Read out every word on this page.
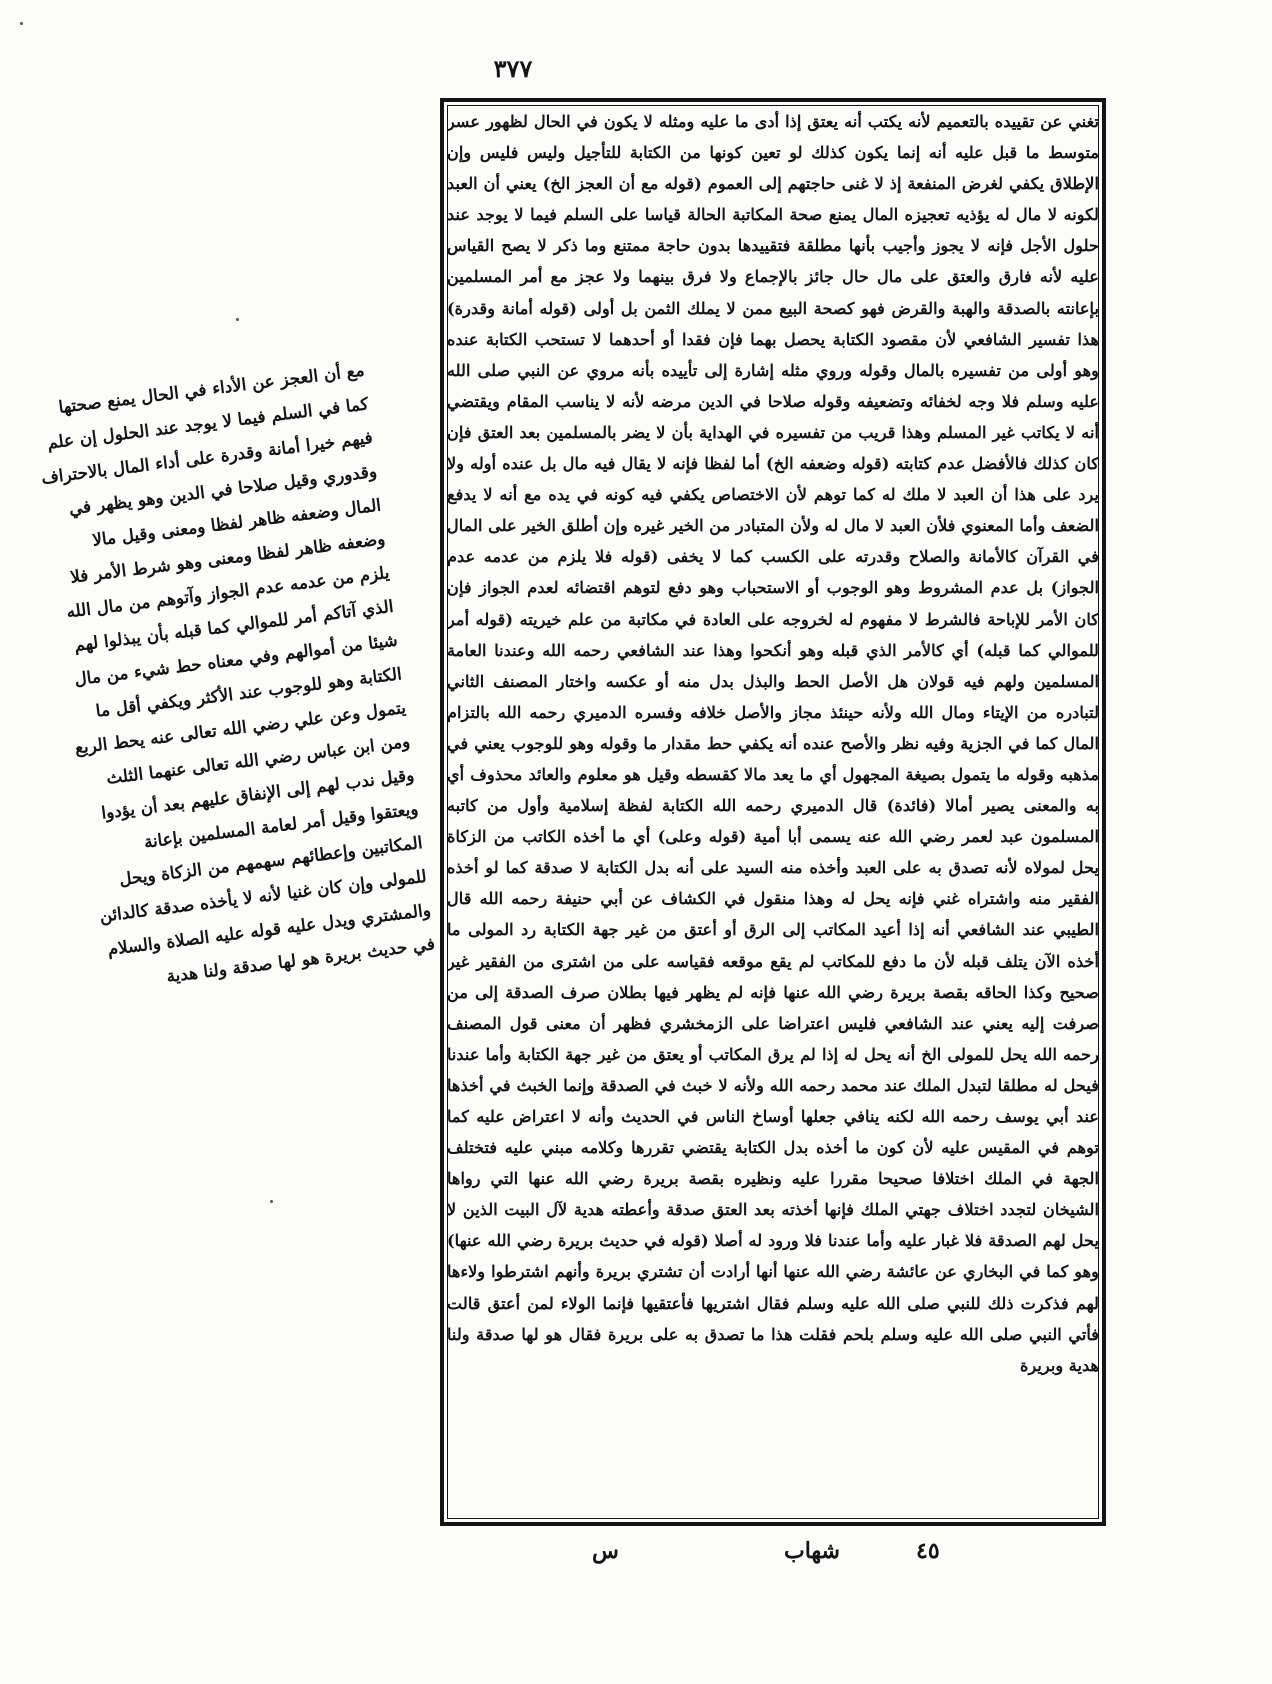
٣٧٧
تغني عن تقييده بالتعميم لأنه يكتب أنه يعتق إذا أدى ما عليه ومثله لا يكون في الحال لظهور عسر متوسط ما قبل عليه أنه إنما يكون كذلك لو تعين كونها من الكتابة للتأجيل وليس فليس وإن الإطلاق يكفي لغرض المنفعة إذ لا غنى حاجتهم إلى العموم (قوله مع أن العجز الخ) يعني أن العبد لكونه لا مال له يؤذيه تعجيزه المال يمنع صحة المكاتبة الحالة قياسا على السلم فيما لا يوجد عند حلول الأجل فإنه لا يجوز وأجيب بأنها مطلقة فتقييدها بدون حاجة ممتنع وما ذكر لا يصح القياس عليه لأنه فارق والعتق على مال حال جائز بالإجماع ولا فرق بينهما ولا عجز مع أمر المسلمين بإعانته بالصدقة والهبة والقرض فهو كصحة البيع ممن لا يملك الثمن بل أولى (قوله أمانة وقدرة) هذا تفسير الشافعي لأن مقصود الكتابة يحصل بهما فإن فقدا أو أحدهما لا تستحب الكتابة عنده وهو أولى من تفسيره بالمال وقوله وروي مثله إشارة إلى تأييده بأنه مروي عن النبي صلى الله عليه وسلم فلا وجه لخفائه وتضعيفه وقوله صلاحا في الدين مرضه لأنه لا يناسب المقام ويقتضي أنه لا يكاتب غير المسلم وهذا قريب من تفسيره في الهداية بأن لا يضر بالمسلمين بعد العتق فإن كان كذلك فالأفضل عدم كتابته (قوله وضعفه الخ) أما لفظا فإنه لا يقال فيه مال بل عنده أوله ولا يرد على هذا أن العبد لا ملك له كما توهم لأن الاختصاص يكفي فيه كونه في يده مع أنه لا يدفع الضعف وأما المعنوي فلأن العبد لا مال له ولأن المتبادر من الخير غيره وإن أطلق الخير على المال في القرآن كالأمانة والصلاح وقدرته على الكسب كما لا يخفى (قوله فلا يلزم من عدمه عدم الجواز) بل عدم المشروط وهو الوجوب أو الاستحباب وهو دفع لتوهم اقتضائه لعدم الجواز فإن كان الأمر للإباحة فالشرط لا مفهوم له لخروجه على العادة في مكاتبة من علم خيريته (قوله أمر للموالي كما قبله) أي كالأمر الذي قبله وهو أنكحوا وهذا عند الشافعي رحمه الله وعندنا العامة المسلمين ولهم فيه قولان هل الأصل الحط والبذل بدل منه أو عكسه واختار المصنف الثاني لتبادره من الإيتاء ومال الله ولأنه حينئذ مجاز والأصل خلافه وفسره الدميري رحمه الله بالتزام المال كما في الجزية وفيه نظر والأصح عنده أنه يكفي حط مقدار ما وقوله وهو للوجوب يعني في مذهبه وقوله ما يتمول بصيغة المجهول أي ما يعد مالا كقسطه وقيل هو معلوم والعائد محذوف أي به والمعنى يصير أمالا (فائدة) قال الدميري رحمه الله الكتابة لفظة إسلامية وأول من كاتبه المسلمون عبد لعمر رضي الله عنه يسمى أبا أمية (قوله وعلى) أي ما أخذه الكاتب من الزكاة يحل لمولاه لأنه تصدق به على العبد وأخذه منه السيد على أنه بدل الكتابة لا صدقة كما لو أخذه الفقير منه واشتراه غني فإنه يحل له وهذا منقول في الكشاف عن أبي حنيفة رحمه الله قال الطيبي عند الشافعي أنه إذا أعيد المكاتب إلى الرق أو أعتق من غير جهة الكتابة رد المولى ما أخذه الآن يتلف قبله لأن ما دفع للمكاتب لم يقع موقعه فقياسه على من اشترى من الفقير غير صحيح وكذا الحاقه بقصة بريرة رضي الله عنها فإنه لم يظهر فيها بطلان صرف الصدقة إلى من صرفت إليه يعني عند الشافعي فليس اعتراضا على الزمخشري فظهر أن معنى قول المصنف رحمه الله يحل للمولى الخ أنه يحل له إذا لم يرق المكاتب أو يعتق من غير جهة الكتابة وأما عندنا فيحل له مطلقا لتبدل الملك عند محمد رحمه الله ولأنه لا خبث في الصدقة وإنما الخبث في أخذها عند أبي يوسف رحمه الله لكنه ينافي جعلها أوساخ الناس في الحديث وأنه لا اعتراض عليه كما توهم في المقيس عليه لأن كون ما أخذه بدل الكتابة يقتضي تقررها وكلامه مبني عليه فتختلف الجهة في الملك اختلافا صحيحا مقررا عليه ونظيره بقصة بريرة رضي الله عنها التي رواها الشيخان لتجدد اختلاف جهتي الملك فإنها أخذته بعد العتق صدقة وأعطته هدية لآل البيت الذين لا يحل لهم الصدقة فلا غبار عليه وأما عندنا فلا ورود له أصلا (قوله في حديث بريرة رضي الله عنها) وهو كما في البخاري عن عائشة رضي الله عنها أنها أرادت أن تشتري بريرة وأنهم اشترطوا ولاءها لهم فذكرت ذلك للنبي صلى الله عليه وسلم فقال اشتريها فأعتقيها فإنما الولاء لمن أعتق قالت فأتي النبي صلى الله عليه وسلم بلحم فقلت هذا ما تصدق به على بريرة فقال هو لها صدقة ولنا هدية وبريرة
مع أن العجز عن الأداء في الحال يمنع صحتها كما في السلم فيما لا يوجد عند الحلول إن علم فيهم خيرا أمانة وقدرة على أداء المال بالاحتراف وقدوري وقيل صلاحا في الدين وهو يظهر في المال وضعفه ظاهر لفظا ومعنى وقيل مالا وضعفه ظاهر لفظا ومعنى وهو شرط الأمر فلا يلزم من عدمه عدم الجواز وآتوهم من مال الله الذي آتاكم أمر للموالي كما قبله بأن يبذلوا لهم شيئا من أموالهم وفي معناه حط شيء من مال الكتابة وهو للوجوب عند الأكثر ويكفي أقل ما يتمول وعن علي رضي الله تعالى عنه يحط الربع ومن ابن عباس رضي الله تعالى عنهما الثلث وقيل ندب لهم إلى الإنفاق عليهم بعد أن يؤدوا ويعتقوا وقيل أمر لعامة المسلمين بإعانة المكاتبين وإعطائهم سهمهم من الزكاة ويحل للمولى وإن كان غنيا لأنه لا يأخذه صدقة كالدائن والمشتري ويدل عليه قوله عليه الصلاة والسلام في حديث بريرة هو لها صدقة ولنا هدية
٤٥
شهاب
س
